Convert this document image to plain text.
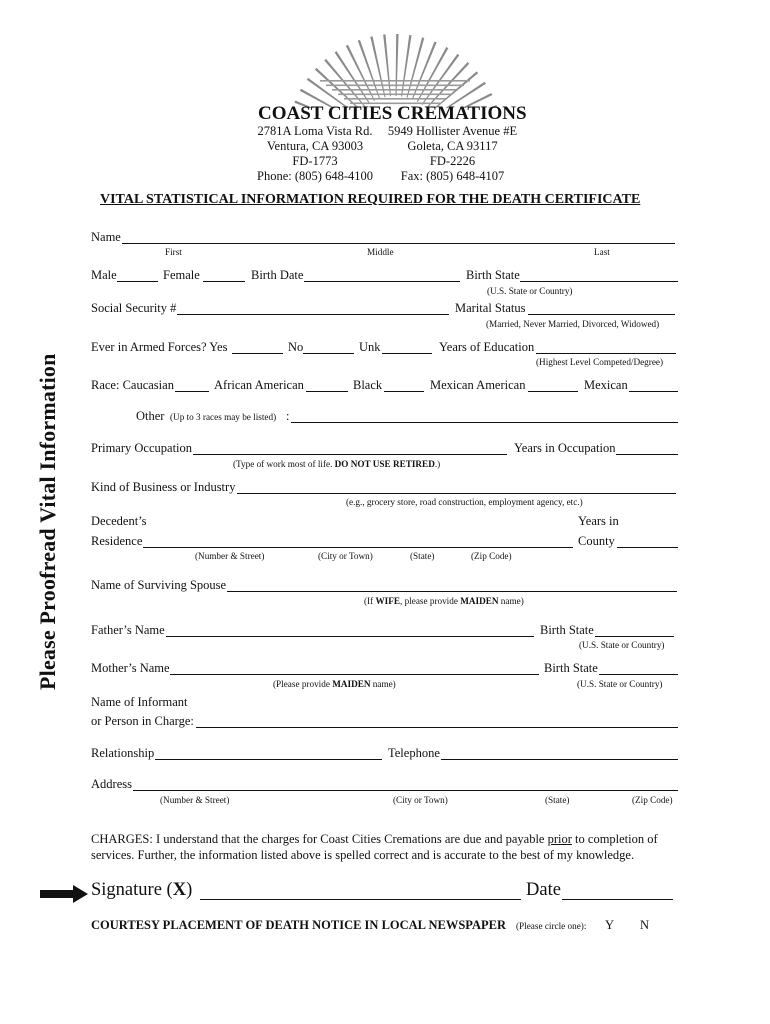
COAST CITIES CREMATIONS
2781A Loma Vista Rd.
Ventura, CA 93003
FD-1773
Phone: (805) 648-4100
5949 Hollister Avenue #E
Goleta, CA 93117
FD-2226
Fax: (805) 648-4107
VITAL STATISTICAL INFORMATION REQUIRED FOR THE DEATH CERTIFICATE
Please Proofread Vital Information
Name
First	Middle	Last
Male	Female	Birth Date	Birth State
(U.S. State or Country)
Social Security #	Marital Status
(Married, Never Married, Divorced, Widowed)
Ever in Armed Forces? Yes	No	Unk	Years of Education
(Highest Level Competed/Degree)
Race: Caucasian	African American	Black	Mexican American	Mexican
Other (Up to 3 races may be listed) :
Primary Occupation	Years in Occupation
(Type of work most of life. DO NOT USE RETIRED.)
Kind of Business or Industry
(e.g., grocery store, road construction, employment agency, etc.)
Decedent’s	Years in
Residence	County
(Number & Street)	(City or Town)	(State)	(Zip Code)
Name of Surviving Spouse
(If WIFE, please provide MAIDEN name)
Father’s Name	Birth State
(U.S. State or Country)
Mother’s Name	Birth State
(Please provide MAIDEN name)	(U.S. State or Country)
Name of Informant
or Person in Charge:
Relationship	Telephone
Address
(Number & Street)	(City or Town)	(State)	(Zip Code)
CHARGES: I understand that the charges for Coast Cities Cremations are due and payable prior to completion of
services. Further, the information listed above is spelled correct and is accurate to the best of my knowledge.
Signature (X)	Date
COURTESY PLACEMENT OF DEATH NOTICE IN LOCAL NEWSPAPER (Please circle one): Y N
